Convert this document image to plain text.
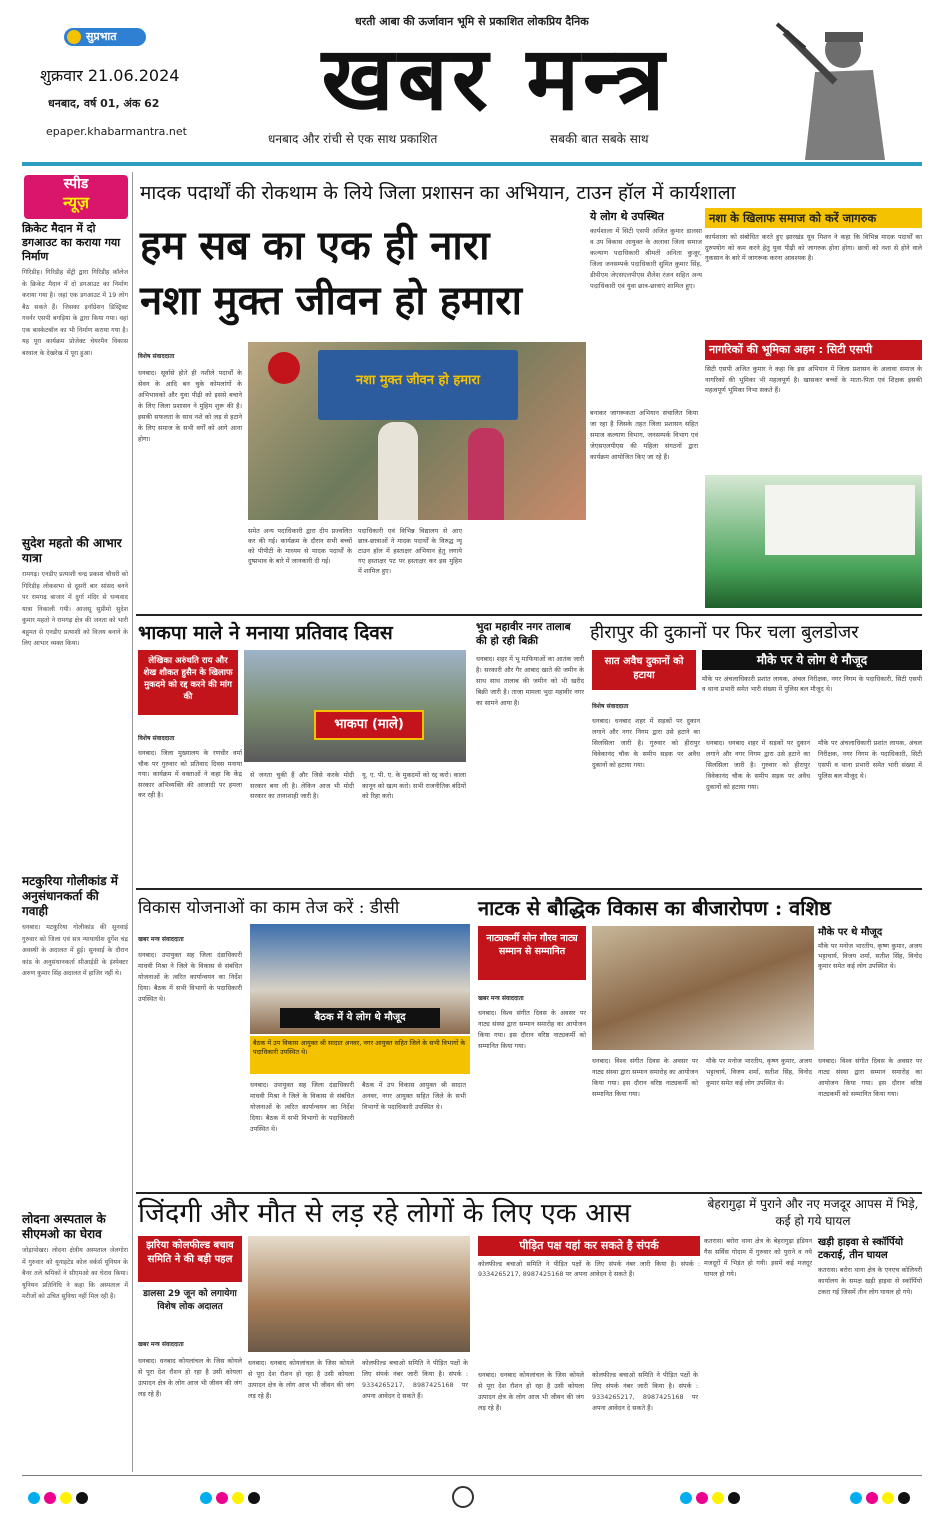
सुप्रभात
शुक्रवार 21.06.2024
धनबाद, वर्ष 01, अंक 62
epaper.khabarmantra.net
धरती आबा की ऊर्जावान भूमि से प्रकाशित लोकप्रिय दैनिक
खबर मन्त्र
धनबाद और रांची से एक साथ प्रकाशित	सबकी बात सबके साथ
स्पीड
न्यूज़
क्रिकेट मैदान में दो डगआउट का कराया गया निर्माण
गिरिडीह। गिरिडीह सेंट्री द्वारा गिरिडीह कॉलेज के क्रिकेट मैदान में दो डगआउट का निर्माण कराया गया है। जहां एक डगआउट में 19 लोग बैठ सकते हैं। जिसका इनॉग्रेशन डिस्ट्रिक्ट गवर्नर एसपी बगड़िया के द्वारा किया गया। वहां एक बास्केटबॉल का भी निर्माण कराया गया है। यह पूरा कार्यक्रम प्रोजेक्ट चेयरमैन विकास बरवाल के देखरेख में पूरा हुआ।
सुदेश महतो की आभार यात्रा
रामगढ़। एनडीए प्रत्याशी चन्द्र प्रकाश चौधरी को गिरिडीह लोकसभा से दूसरी बार सांसद बनने पर रामगढ़ बाजार में दुर्गा मंदिर से धन्यवाद यात्रा निकाली गयी। आजसू सुप्रीमो सुदेश कुमार महतो ने रामगढ़ क्षेत्र की जनता को भारी बहुमत से एनडीए प्रत्याशी को विजय बनाने के लिए आभार व्यक्त किया।
मटकुरिया गोलीकांड में अनुसंधानकर्ता की गवाही
धनबाद। मटकुरिया गोलीकांड की सुनवाई गुरुवार को जिला एवं सत्र न्यायाधीश दुर्गेश चंद्र अवस्थी के अदालत में हुई। सुनवाई के दौरान कांड के अनुसंधानकर्ता सीआईडी के इंस्पेक्टर अरुण कुमार सिंह अदालत में हाजिर नहीं थे।
लोदना अस्पताल के सीएमओ का घेराव
जोड़ापोखर। लोदना क्षेत्रीय अस्पताल जेलगोरा में गुरुवार को यूनाइटेड कोल वर्कर्स यूनियन के बैनर तले श्रमिकों ने सीएमओ का घेराव किया। यूनियन प्रतिनिधि ने कहा कि अस्पताल में मरीजों को उचित सुविधा नहीं मिल रही है।
मादक पदार्थों की रोकथाम के लिये जिला प्रशासन का अभियान, टाउन हॉल में कार्यशाला
हम सब का एक ही नारा
नशा मुक्त जीवन हो हमारा
ये लोग थे उपस्थित
कार्यशाला में सिटी एसपी अजित कुमार डालसा व उप विकास आयुक्त के अलावा जिला समाज कल्याण पदाधिकारी श्रीमती अनिता कुजूर, जिला जनसम्पर्क पदाधिकारी सुमित कुमार सिंह, डीपीएम जेएसएलपीएस शैलेश रंजन सहित अन्य पदाधिकारी एवं युवा छात्र-छात्राएं शामिल हुए।
नशा के खिलाफ समाज को करें जागरुक
कार्यशाला को संबोधित करते हुए झारखंड यूथ मिशन ने कहा कि विभिन्न मादक पदार्थों का दुरुपयोग को कम करने हेतु युवा पीढ़ी को जागरुक होना होगा। छात्रों को नशा से होने वाले नुकसान के बारे में जागरूक करना आवश्यक है।
नागरिकों की भूमिका अहम : सिटी एसपी
सिटी एसपी अजित कुमार ने कहा कि इस अभियान में जिला प्रशासन के अलावा समाज के नागरिकों की भूमिका भी महत्वपूर्ण है। खासकर बच्चों के माता-पिता एवं शिक्षक इसकी महत्वपूर्ण भूमिका निभा सकते हैं।
विशेष संवाददाता
नशा मुक्त जीवन हो हमारा
धनबाद। सूर्वासे होते ही नशीले पदार्थों के सेवन के आदि बन चुके कोमलांगों के अभिभावकों और युवा पीढ़ी को इससे बचाने के लिए जिला प्रशासन ने मुहिम शुरू की है। इसकी सफलता के साथ नशे को जड़ से हटाने के लिए समाज के सभी वर्गों को आगे आना होगा।
समेत अन्य पदाधिकारी द्वारा दीप प्रज्वलित कर की गई। कार्यक्रम के दौरान सभी बच्चों को पीपीटी के माध्यम से मादक पदार्थों के दुष्प्रभाव के बारे में जानकारी दी गई।
पदाधिकारी एवं विभिन्न विद्यालय से आए छात्र-छात्राओं ने मादक पदार्थों के विरुद्ध न्यू टाउन हॉल में हस्ताक्षर अभियान हेतु लगाये गए हस्ताक्षर पट पर हस्ताक्षर कर इस मुहिम में शामिल हुए।
बनाकर जागरूकता अभियान संचालित किया जा रहा है जिसके तहत जिला प्रशासन सहित समाज कल्याण विभाग, जनसम्पर्क विभाग एवं जेएसएलपीएस की महिला संगठनों द्वारा कार्यक्रम आयोजित किए जा रहे हैं।
भाकपा माले ने मनाया प्रतिवाद दिवस
लेखिका अरुंधति राय और शेख शौकत हुसैन के खिलाफ मुकदमे को रद्द करने की मांग की
विशेष संवाददाता
भाकपा (माले)
धनबाद। जिला मुख्यालय के रणधीर वर्मा चौक पर गुरुवार को प्रतिवाद दिवस मनाया गया। कार्यक्रम में वक्ताओं ने कहा कि केंद्र सरकार अभिव्यक्ति की आजादी पर हमला कर रही है।
से जनता चुकी हैं और जिसे करके मोदी सरकार बना ली है। लेकिन आज भी मोदी सरकार का तानाशाही जारी है।
यू. ए. पी. ए. के मुकदमों को रद्द करो। काला कानून को खत्म करो। सभी राजनीतिक बंदियों को रिहा करो।
भुदा महावीर नगर तालाब की हो रही बिक्री
धनबाद। शहर में भू माफियाओं का आतंक जारी है। सरकारी और गैर आबाद खाते की जमीन के साथ साथ तालाब की जमीन को भी खरीद बिक्री जारी है। ताजा मामला भुदा महावीर नगर का सामने आया है।
हीरापुर की दुकानों पर फिर चला बुलडोजर
सात अवैध दुकानों को हटाया
मौके पर ये लोग थे मौजूद
मौके पर अंचलाधिकारी प्रशांत लायक, अंचल निरीक्षक, नगर निगम के पदाधिकारी, सिटी एसपी व थाना प्रभारी समेत भारी संख्या में पुलिस बल मौजूद थे।
विशेष संवाददाता
धनबाद। धनबाद शहर में सड़कों पर दुकान लगाने और नगर निगम द्वारा उसे हटाने का सिलसिला जारी है। गुरुवार को हीरापुर विवेकानंद चौक के समीप सड़क पर अवैध दुकानों को हटाया गया।
धनबाद। धनबाद शहर में सड़कों पर दुकान लगाने और नगर निगम द्वारा उसे हटाने का सिलसिला जारी है। गुरुवार को हीरापुर विवेकानंद चौक के समीप सड़क पर अवैध दुकानों को हटाया गया।
मौके पर अंचलाधिकारी प्रशांत लायक, अंचल निरीक्षक, नगर निगम के पदाधिकारी, सिटी एसपी व थाना प्रभारी समेत भारी संख्या में पुलिस बल मौजूद थे।
विकास योजनाओं का काम तेज करें : डीसी
खबर मन्त्र संवाददाता
बैठक में ये लोग थे मौजूद
बैठक में उप विकास आयुक्त श्री सादात अनवर, नगर आयुक्त सहित जिले के सभी विभागों के पदाधिकारी उपस्थित थे।
धनबाद। उपायुक्त सह जिला दंडाधिकारी माधवी मिश्रा ने जिले के विकास से संबंधित योजनाओं के त्वरित कार्यान्वयन का निर्देश दिया। बैठक में सभी विभागों के पदाधिकारी उपस्थित थे।
धनबाद। उपायुक्त सह जिला दंडाधिकारी माधवी मिश्रा ने जिले के विकास से संबंधित योजनाओं के त्वरित कार्यान्वयन का निर्देश दिया। बैठक में सभी विभागों के पदाधिकारी उपस्थित थे।
बैठक में उप विकास आयुक्त श्री सादात अनवर, नगर आयुक्त सहित जिले के सभी विभागों के पदाधिकारी उपस्थित थे।
नाटक से बौद्धिक विकास का बीजारोपण : वशिष्ठ
नाट्यकर्मी सोन गौरव नाट्य सम्मान से सम्मानित
मौके पर थे मौजूद
मौके पर मनोज भारतीय, कृष्ण कुमार, अजय भट्टाचार्य, विजय शर्मा, सतीश सिंह, विनोद कुमार समेत कई लोग उपस्थित थे।
खबर मन्त्र संवाददाता
धनबाद। विश्व संगीत दिवस के अवसर पर नाट्य संस्था द्वारा सम्मान समारोह का आयोजन किया गया। इस दौरान वरिष्ठ नाट्यकर्मी को सम्मानित किया गया।
धनबाद। विश्व संगीत दिवस के अवसर पर नाट्य संस्था द्वारा सम्मान समारोह का आयोजन किया गया। इस दौरान वरिष्ठ नाट्यकर्मी को सम्मानित किया गया।
मौके पर मनोज भारतीय, कृष्ण कुमार, अजय भट्टाचार्य, विजय शर्मा, सतीश सिंह, विनोद कुमार समेत कई लोग उपस्थित थे।
धनबाद। विश्व संगीत दिवस के अवसर पर नाट्य संस्था द्वारा सम्मान समारोह का आयोजन किया गया। इस दौरान वरिष्ठ नाट्यकर्मी को सम्मानित किया गया।
जिंदगी और मौत से लड़ रहे लोगों के लिए एक आस
झरिया कोलफील्ड बचाव समिति ने की बड़ी पहल
डालसा 29 जून को लगायेगा विशेष लोक अदालत
खबर मन्त्र संवाददाता
पीड़ित पक्ष यहां कर सकते है संपर्क
कोलफील्ड बचाओ समिति ने पीड़ित पक्षों के लिए संपर्क नंबर जारी किया है। संपर्क : 9334265217, 8987425168 पर अपना आवेदन दे सकते हैं।
धनबाद। धनबाद कोयलांचल के जिस कोयले से पूरा देश रौशन हो रहा है उसी कोयला उत्पादन क्षेत्र के लोग आज भी जीवन की जंग लड़ रहे हैं।
धनबाद। धनबाद कोयलांचल के जिस कोयले से पूरा देश रौशन हो रहा है उसी कोयला उत्पादन क्षेत्र के लोग आज भी जीवन की जंग लड़ रहे हैं।
कोलफील्ड बचाओ समिति ने पीड़ित पक्षों के लिए संपर्क नंबर जारी किया है। संपर्क : 9334265217, 8987425168 पर अपना आवेदन दे सकते हैं।
धनबाद। धनबाद कोयलांचल के जिस कोयले से पूरा देश रौशन हो रहा है उसी कोयला उत्पादन क्षेत्र के लोग आज भी जीवन की जंग लड़ रहे हैं।
कोलफील्ड बचाओ समिति ने पीड़ित पक्षों के लिए संपर्क नंबर जारी किया है। संपर्क : 9334265217, 8987425168 पर अपना आवेदन दे सकते हैं।
बेहरागुढ़ा में पुराने और नए मजदूर आपस में भिड़े, कई हो गये घायल
कतरास। बरोरा थाना क्षेत्र के बेहरागुढ़ा इंडियन गैस सर्विस गोदाम में गुरुवार को पुराने व नये मजदूरों में भिड़ंत हो गयी। इसमें कई मजदूर घायल हो गये।
खड़ी हाइवा से स्कॉर्पियो टकराई, तीन घायल
कतरास। बरोरा थाना क्षेत्र के एनएच कोलियरी कार्यालय के समक्ष खड़ी हाइवा से स्कॉर्पियो टकरा गई जिसमें तीन लोग घायल हो गये।
